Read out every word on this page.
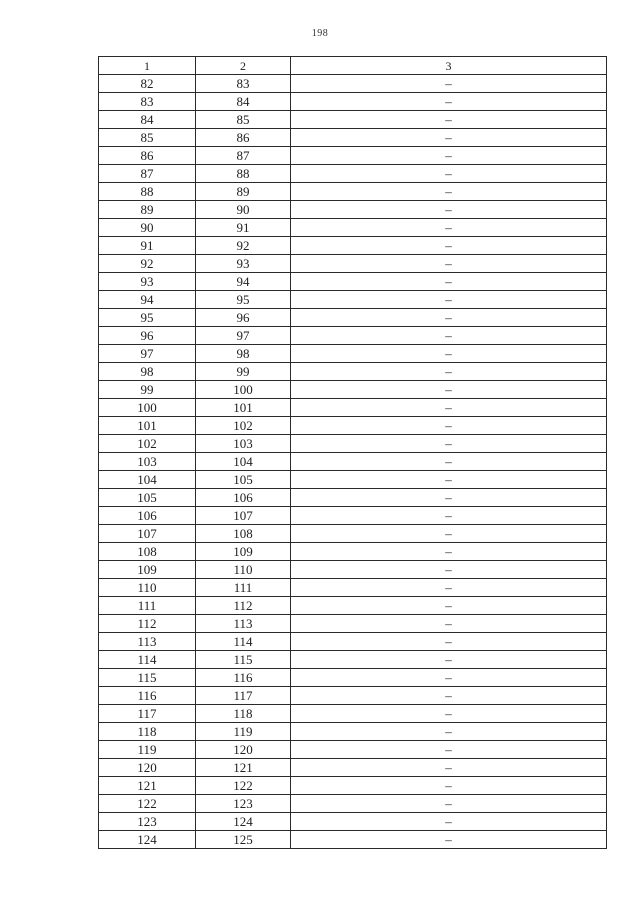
198
1	2	3
82	83	–
83	84	–
84	85	–
85	86	–
86	87	–
87	88	–
88	89	–
89	90	–
90	91	–
91	92	–
92	93	–
93	94	–
94	95	–
95	96	–
96	97	–
97	98	–
98	99	–
99	100	–
100	101	–
101	102	–
102	103	–
103	104	–
104	105	–
105	106	–
106	107	–
107	108	–
108	109	–
109	110	–
110	111	–
111	112	–
112	113	–
113	114	–
114	115	–
115	116	–
116	117	–
117	118	–
118	119	–
119	120	–
120	121	–
121	122	–
122	123	–
123	124	–
124	125	–
